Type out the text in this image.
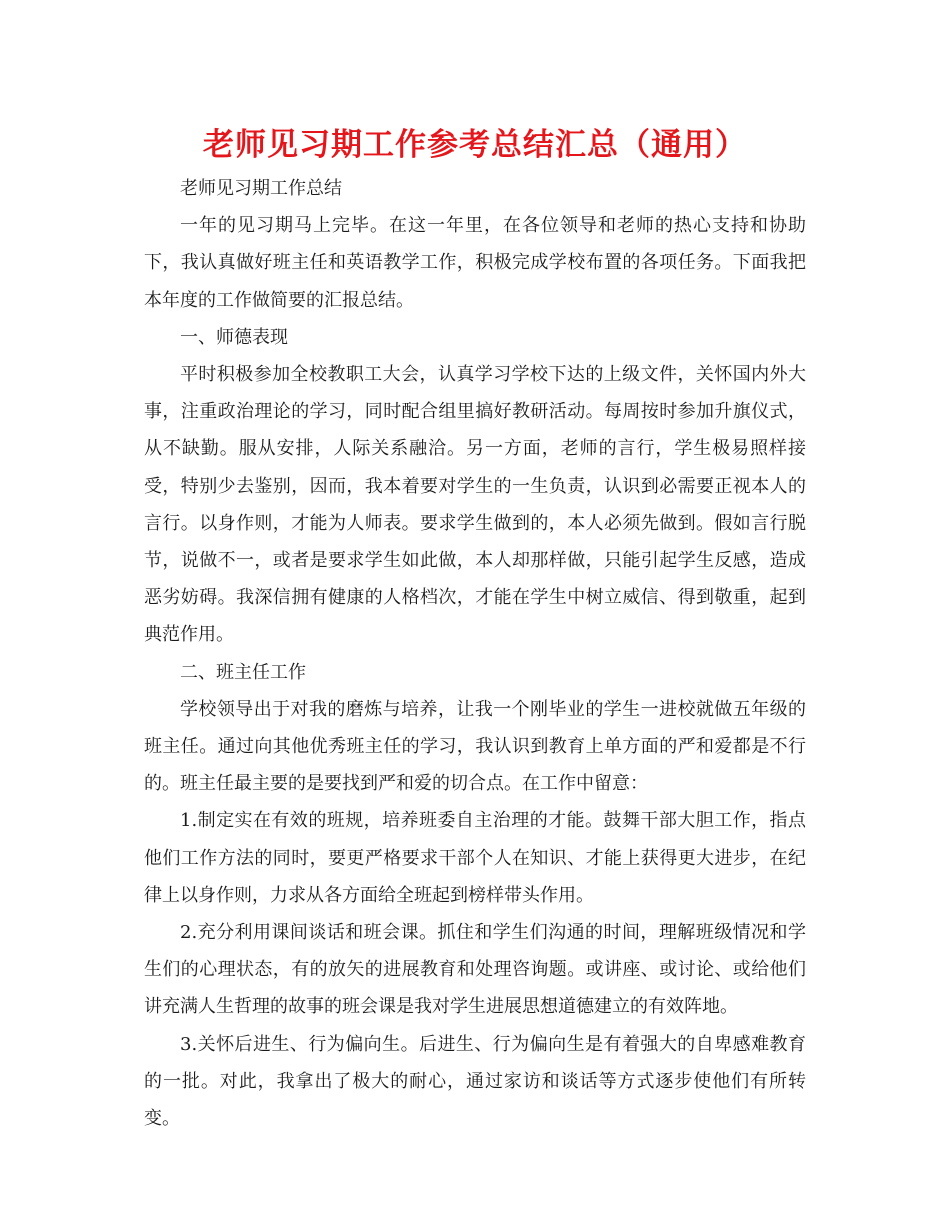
老师见习期工作参考总结汇总（通用）

老师见习期工作总结

一年的见习期马上完毕。在这一年里，在各位领导和老师的热心支持和协助下，我认真做好班主任和英语教学工作，积极完成学校布置的各项任务。下面我把本年度的工作做简要的汇报总结。

一、师德表现

平时积极参加全校教职工大会，认真学习学校下达的上级文件，关怀国内外大事，注重政治理论的学习，同时配合组里搞好教研活动。每周按时参加升旗仪式，从不缺勤。服从安排，人际关系融洽。另一方面，老师的言行，学生极易照样接受，特别少去鉴别，因而，我本着要对学生的一生负责，认识到必需要正视本人的言行。以身作则，才能为人师表。要求学生做到的，本人必须先做到。假如言行脱节，说做不一，或者是要求学生如此做，本人却那样做，只能引起学生反感，造成恶劣妨碍。我深信拥有健康的人格档次，才能在学生中树立威信、得到敬重，起到典范作用。

二、班主任工作

学校领导出于对我的磨炼与培养，让我一个刚毕业的学生一进校就做五年级的班主任。通过向其他优秀班主任的学习，我认识到教育上单方面的严和爱都是不行的。班主任最主要的是要找到严和爱的切合点。在工作中留意：

1.制定实在有效的班规，培养班委自主治理的才能。鼓舞干部大胆工作，指点他们工作方法的同时，要更严格要求干部个人在知识、才能上获得更大进步，在纪律上以身作则，力求从各方面给全班起到榜样带头作用。

2.充分利用课间谈话和班会课。抓住和学生们沟通的时间，理解班级情况和学生们的心理状态，有的放矢的进展教育和处理咨询题。或讲座、或讨论、或给他们讲充满人生哲理的故事的班会课是我对学生进展思想道德建立的有效阵地。

3.关怀后进生、行为偏向生。后进生、行为偏向生是有着强大的自卑感难教育的一批。对此，我拿出了极大的耐心，通过家访和谈话等方式逐步使他们有所转变。
